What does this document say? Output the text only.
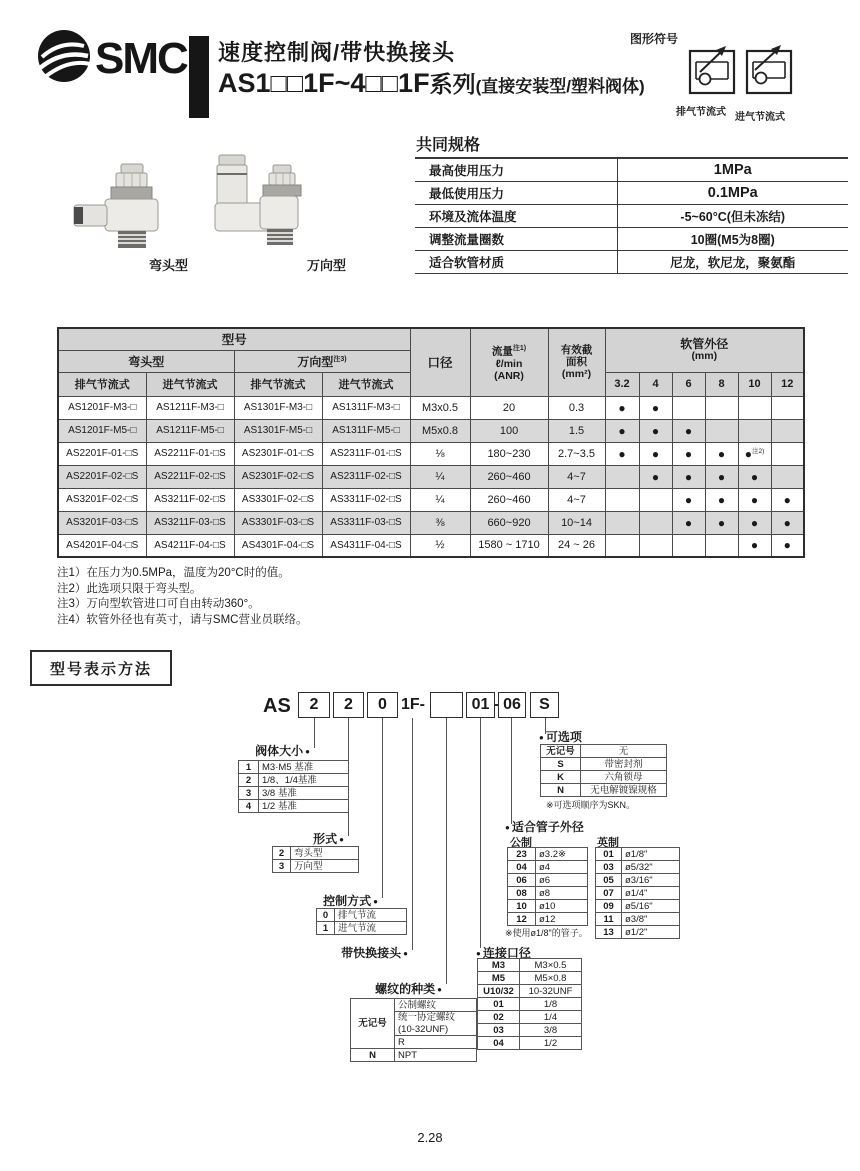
SMC 速度控制阀/带快换接头
AS1□□1F~4□□1F系列(直接安装型/塑料阀体)
图形符号
排气节流式 进气节流式
弯头型	万向型
共同规格
最高使用压力	1MPa
最低使用压力	0.1MPa
环境及流体温度	-5~60°C(但未冻结)
调整流量圈数	10圈(M5为8圈)
适合软管材质	尼龙，软尼龙，聚氨酯
型号				口径	流量$^{注1)}$
ℓ/min
(ANR)	有效截
面积
(mm²)	软管外径
(mm)					

弯头型		万向型$^{注3)}$
排气节流式	进气节流式	排气节流式	进气节流式				3.2	4	6	8	10	12
AS1201F-M3-□	AS1211F-M3-□	AS1301F-M3-□	AS1311F-M3-□	M3x0.5	20	0.3	●	●				
AS1201F-M5-□	AS1211F-M5-□	AS1301F-M5-□	AS1311F-M5-□	M5x0.8	100	1.5	●	●	●			
AS2201F-01-□S	AS2211F-01-□S	AS2301F-01-□S	AS2311F-01-□S	⅛	180~230	2.7~3.5	●	●	●	●	●$^{注2)}$	
AS2201F-02-□S	AS2211F-02-□S	AS2301F-02-□S	AS2311F-02-□S	¼	260~460	4~7		●	●	●	●	
AS3201F-02-□S	AS3211F-02-□S	AS3301F-02-□S	AS3311F-02-□S	¼	260~460	4~7			●	●	●	●
AS3201F-03-□S	AS3211F-03-□S	AS3301F-03-□S	AS3311F-03-□S	⅜	660~920	10~14			●	●	●	●
AS4201F-04-□S	AS4211F-04-□S	AS4301F-04-□S	AS4311F-04-□S	½	1580 ~ 1710	24 ~ 26					●	●
注1）在压力为0.5MPa，温度为20°C时的值。
注2）此选项只限于弯头型。
注3）万向型软管进口可自由转动360°。
注4）软管外径也有英寸，请与SMC营业员联络。
型号表示方法
AS	2	2	0 1F-	01 06	S
阀体大小 ●
1	M3·M5 基准
2	1/8、1/4基准
3	3/8 基准
4	1/2 基准
形式 ●
2	弯头型
3	万向型
控制方式 ●
0	排气节流
1	进气节流
带快换接头 ●
螺纹的种类 ●
无记号	公制螺纹

	统一协定螺纹
(10-32UNF)

	R
N	NPT
● 连接口径
M3	M3×0.5
M5	M5×0.8
U10/32	10-32UNF
01	1/8
02	1/4
03	3/8
04	1/2
● 适合管子外径
公制	英制
23	ø3.2※
04	ø4
06	ø6
08	ø8
10	ø10
12	ø12
※使用ø1/8"的管子。
01	ø1/8"
03	ø5/32"
05	ø3/16"
07	ø1/4"
09	ø5/16"
11	ø3/8"
13	ø1/2"
● 可选项
无记号	无
S	带密封剂
K	六角锁母
N	无电解镀镍规格
※可选项顺序为SKN。
2.28
